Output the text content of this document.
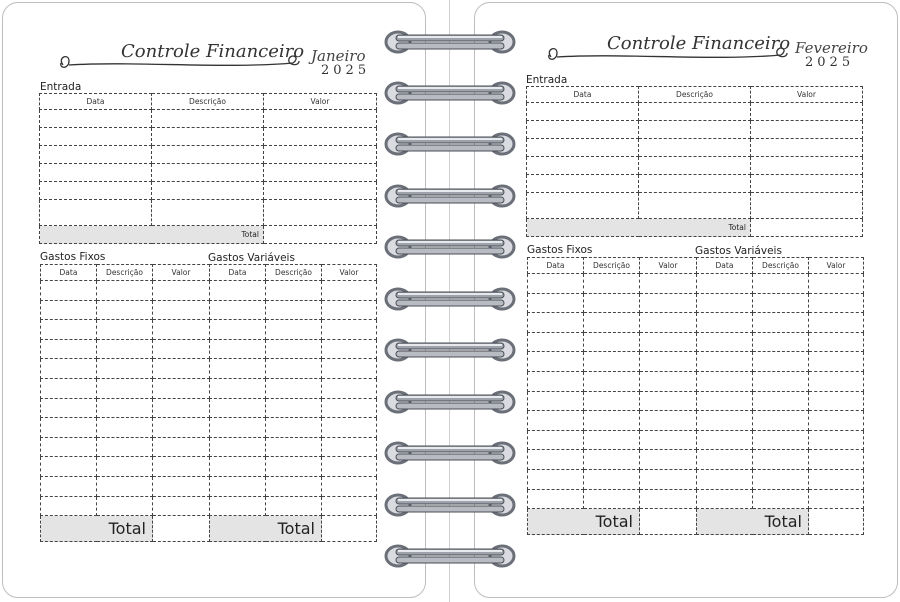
Controle Financeiro Janeiro
2025
Entrada
Data	Descrição	Valor

Total		
Gastos Fixos
Data	Descrição	Valor

Total		
Gastos Variáveis
Data	Descrição	Valor

Total		
Controle Financeiro Fevereiro
2025
Entrada
Data	Descrição	Valor

Total		
Gastos Fixos
Data	Descrição	Valor

Total		
Gastos Variáveis
Data	Descrição	Valor

Total		
